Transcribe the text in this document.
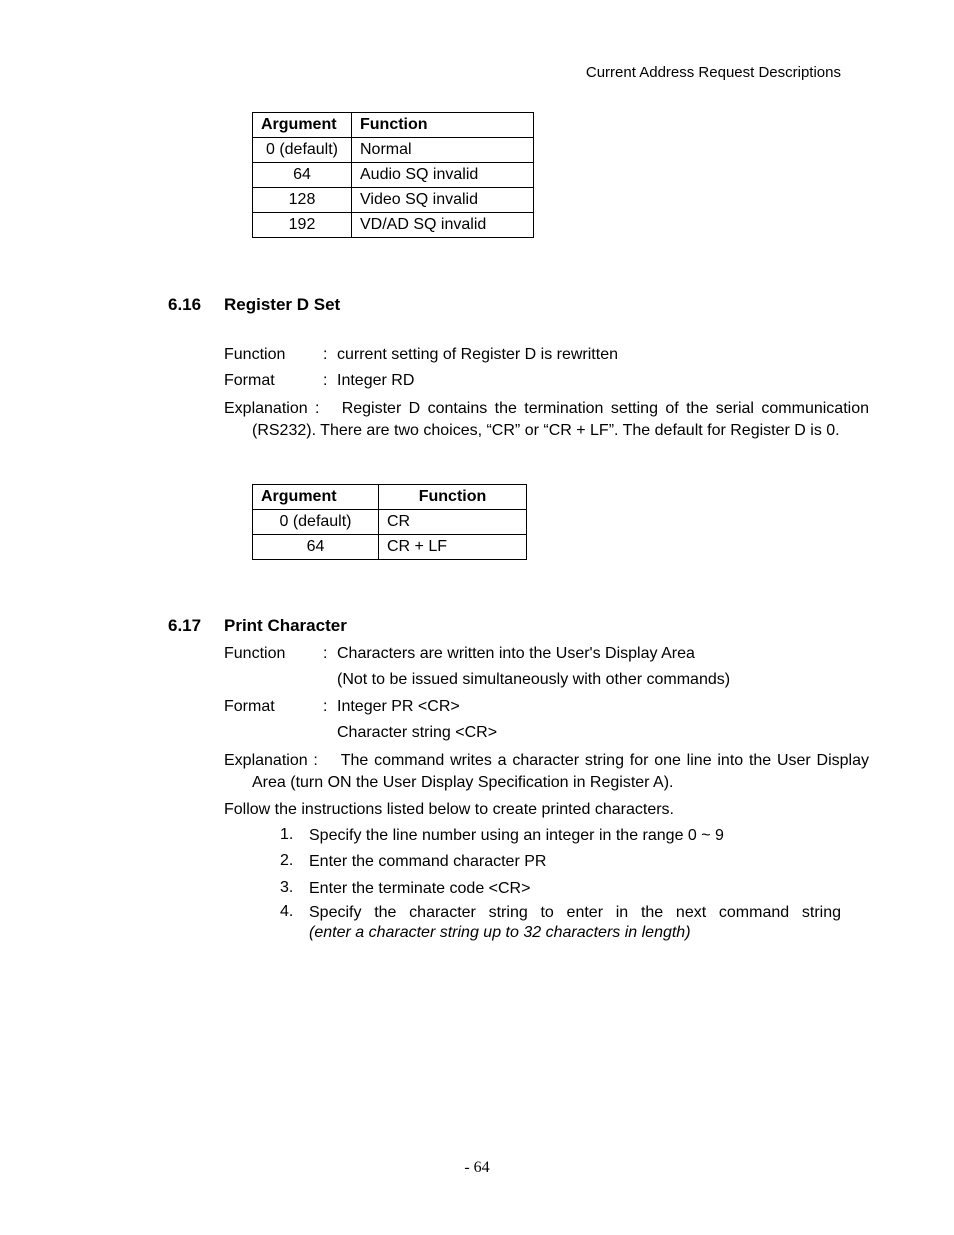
Current Address Request Descriptions
Argument	Function
0 (default)	Normal
64	Audio SQ invalid
128	Video SQ invalid
192	VD/AD SQ invalid
6.16 Register D Set
Function : current setting of Register D is rewritten
Format	: Integer RD
Explanation : Register D contains the termination setting of the serial communication (RS232). There are two choices, “CR” or “CR + LF”. The default for Register D is 0.
Argument	Function
0 (default)	CR
64	CR + LF
6.17 Print Character
Function : Characters are written into the User's Display Area
(Not to be issued simultaneously with other commands)
Format	: Integer PR <CR>
Character string <CR>
Explanation : The command writes a character string for one line into the User Display Area (turn ON the User Display Specification in Register A).
Follow the instructions listed below to create printed characters.
1. Specify the line number using an integer in the range 0 ~ 9
2. Enter the command character PR
3. Enter the terminate code <CR>
4. Specify the character string to enter in the next command string
(enter a character string up to 32 characters in length)
- 64
